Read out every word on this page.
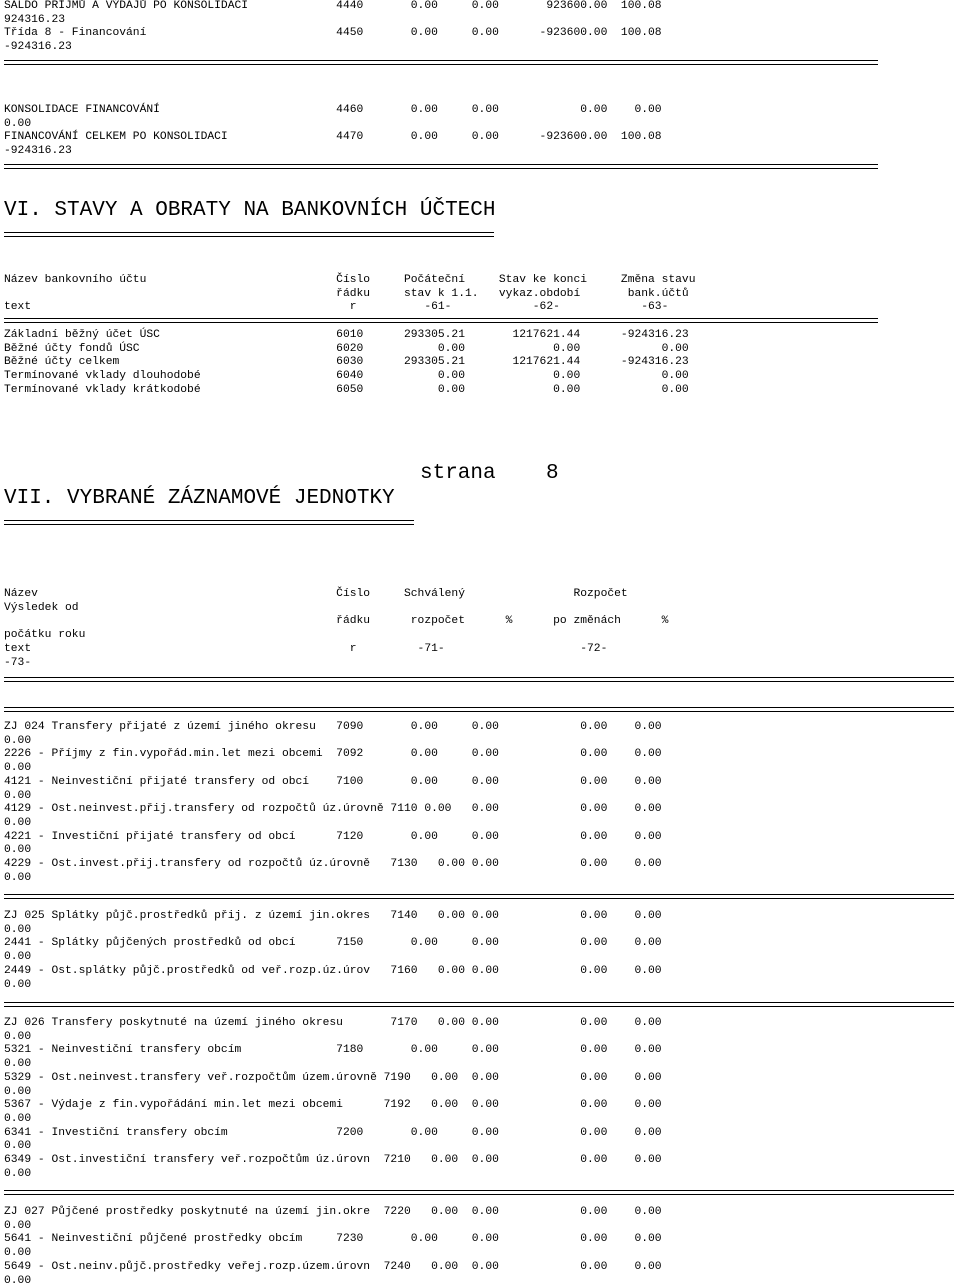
SALDO PŘÍJMŮ A VÝDAJŮ PO KONSOLIDACI             4440       0.00     0.00       923600.00  100.08
924316.23
Třída 8 - Financování                            4450       0.00     0.00      -923600.00  100.08
-924316.23
KONSOLIDACE FINANCOVÁNÍ                          4460       0.00     0.00            0.00    0.00
0.00
FINANCOVÁNÍ CELKEM PO KONSOLIDACI                4470       0.00     0.00      -923600.00  100.08
-924316.23
VI. STAVY A OBRATY NA BANKOVNÍCH ÚČTECH
Název bankovního účtu                            Číslo     Počáteční     Stav ke konci     Změna stavu
řádku     stav k 1.1.   vykaz.období       bank.účtů
text                                               r          -61-            -62-            -63-
Základní běžný účet ÚSC                          6010      293305.21       1217621.44      -924316.23
Běžné účty fondů ÚSC                             6020           0.00             0.00            0.00
Běžné účty celkem                                6030      293305.21       1217621.44      -924316.23
Termínované vklady dlouhodobé                    6040           0.00             0.00            0.00
Termínované vklady krátkodobé                    6050           0.00             0.00            0.00
strana    8
VII. VYBRANÉ ZÁZNAMOVÉ JEDNOTKY
Název                                            Číslo     Schválený                Rozpočet
Výsledek od
řádku      rozpočet      %      po změnách      %
počátku roku
text                                               r         -71-                    -72-
-73-
ZJ 024 Transfery přijaté z území jiného okresu   7090       0.00     0.00            0.00    0.00
0.00
2226 - Příjmy z fin.vypořád.min.let mezi obcemi  7092       0.00     0.00            0.00    0.00
0.00
4121 - Neinvestiční přijaté transfery od obcí    7100       0.00     0.00            0.00    0.00
0.00
4129 - Ost.neinvest.přij.transfery od rozpočtů úz.úrovně 7110 0.00   0.00            0.00    0.00
0.00
4221 - Investiční přijaté transfery od obcí      7120       0.00     0.00            0.00    0.00
0.00
4229 - Ost.invest.přij.transfery od rozpočtů úz.úrovně   7130   0.00 0.00            0.00    0.00
0.00
ZJ 025 Splátky půjč.prostředků přij. z území jin.okres   7140   0.00 0.00            0.00    0.00
0.00
2441 - Splátky půjčených prostředků od obcí      7150       0.00     0.00            0.00    0.00
0.00
2449 - Ost.splátky půjč.prostředků od veř.rozp.úz.úrov   7160   0.00 0.00            0.00    0.00
0.00
ZJ 026 Transfery poskytnuté na území jiného okresu       7170   0.00 0.00            0.00    0.00
0.00
5321 - Neinvestiční transfery obcím              7180       0.00     0.00            0.00    0.00
0.00
5329 - Ost.neinvest.transfery veř.rozpočtům územ.úrovně 7190   0.00  0.00            0.00    0.00
0.00
5367 - Výdaje z fin.vypořádání min.let mezi obcemi      7192   0.00  0.00            0.00    0.00
0.00
6341 - Investiční transfery obcím                7200       0.00     0.00            0.00    0.00
0.00
6349 - Ost.investiční transfery veř.rozpočtům úz.úrovn  7210   0.00  0.00            0.00    0.00
0.00
ZJ 027 Půjčené prostředky poskytnuté na území jin.okre  7220   0.00  0.00            0.00    0.00
0.00
5641 - Neinvestiční půjčené prostředky obcím     7230       0.00     0.00            0.00    0.00
0.00
5649 - Ost.neinv.půjč.prostředky veřej.rozp.územ.úrovn  7240   0.00  0.00            0.00    0.00
0.00
